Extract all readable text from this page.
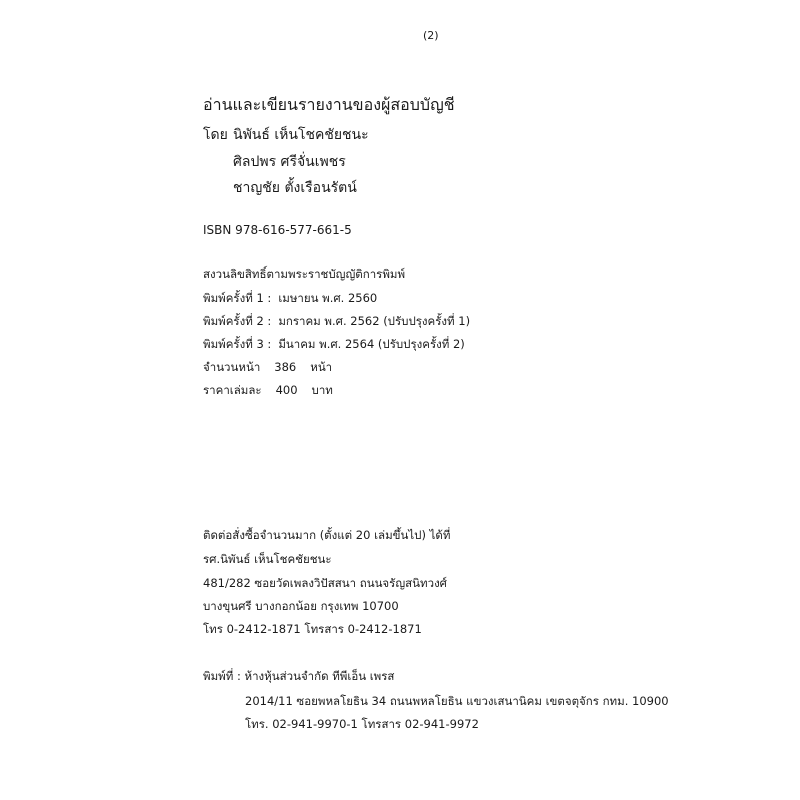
(2)
อ่านและเขียนรายงานของผู้สอบบัญชี
โดย นิพันธ์ เห็นโชคชัยชนะ
ศิลปพร ศรีจั่นเพชร
ชาญชัย ตั้งเรือนรัตน์
ISBN 978-616-577-661-5
สงวนลิขสิทธิ์ตามพระราชบัญญัติการพิมพ์
พิมพ์ครั้งที่ 1 : เมษายน พ.ศ. 2560
พิมพ์ครั้งที่ 2 : มกราคม พ.ศ. 2562 (ปรับปรุงครั้งที่ 1)
พิมพ์ครั้งที่ 3 : มีนาคม พ.ศ. 2564 (ปรับปรุงครั้งที่ 2)
จำนวนหน้า 386 หน้า
ราคาเล่มละ 400 บาท
ติดต่อสั่งซื้อจำนวนมาก (ตั้งแต่ 20 เล่มขึ้นไป) ได้ที่
รศ.นิพันธ์ เห็นโชคชัยชนะ
481/282 ซอยวัดเพลงวิปัสสนา ถนนจรัญสนิทวงศ์
บางขุนศรี บางกอกน้อย กรุงเทพ 10700
โทร 0-2412-1871 โทรสาร 0-2412-1871
พิมพ์ที่ : ห้างหุ้นส่วนจำกัด ทีพีเอ็น เพรส
2014/11 ซอยพหลโยธิน 34 ถนนพหลโยธิน แขวงเสนานิคม เขตจตุจักร กทม. 10900
โทร. 02-941-9970-1 โทรสาร 02-941-9972
